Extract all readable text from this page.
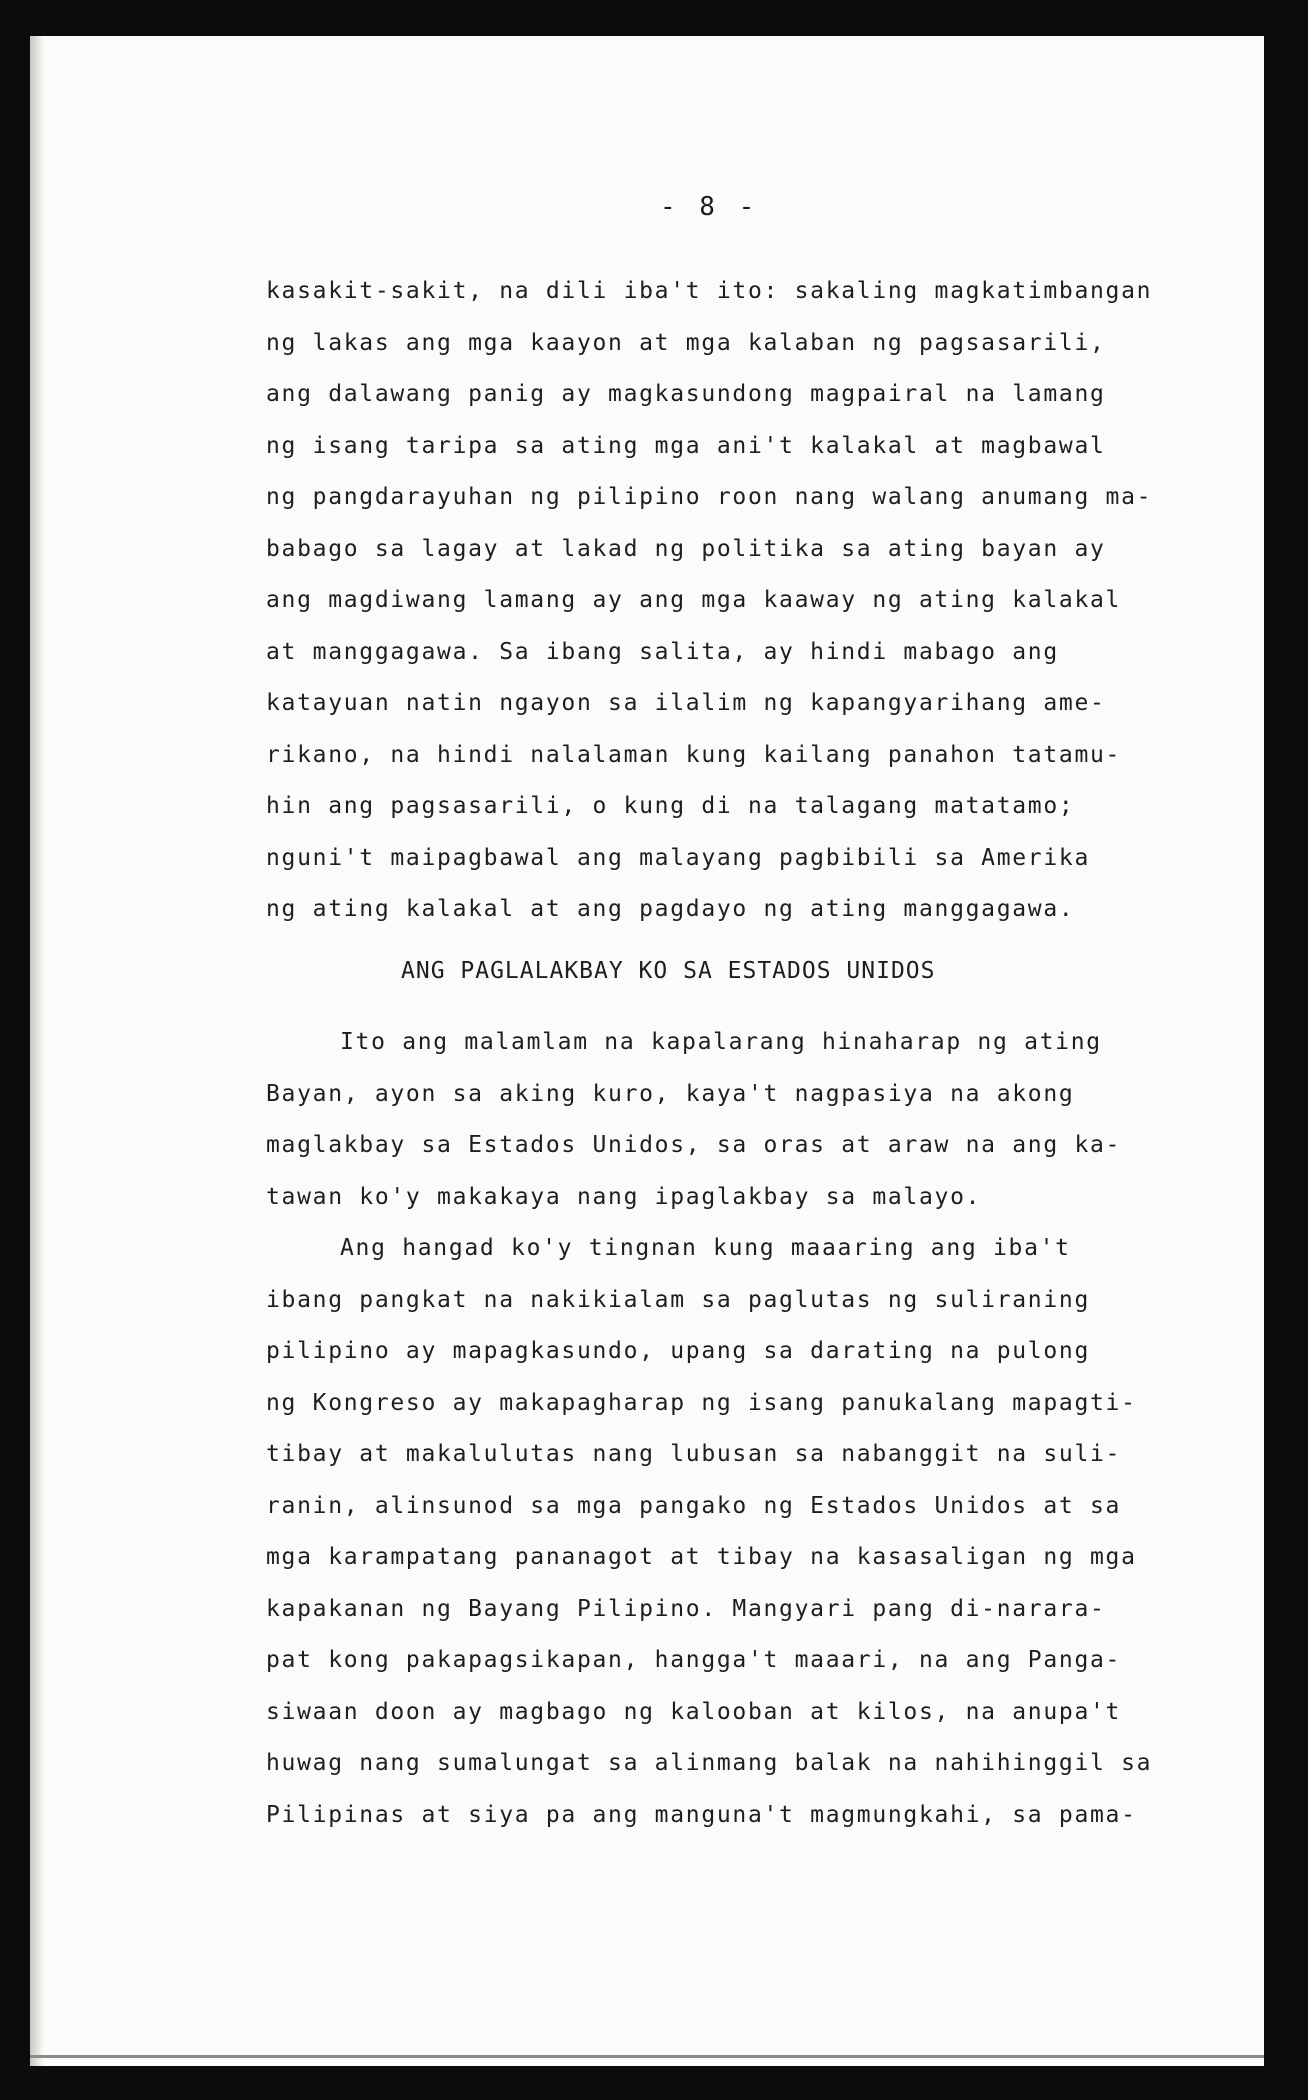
- 8 -
kasakit-sakit, na dili iba't ito: sakaling magkatimbangan
ng lakas ang mga kaayon at mga kalaban ng pagsasarili,
ang dalawang panig ay magkasundong magpairal na lamang
ng isang taripa sa ating mga ani't kalakal at magbawal
ng pangdarayuhan ng pilipino roon nang walang anumang ma-
babago sa lagay at lakad ng politika sa ating bayan ay
ang magdiwang lamang ay ang mga kaaway ng ating kalakal
at manggagawa. Sa ibang salita, ay hindi mabago ang
katayuan natin ngayon sa ilalim ng kapangyarihang ame-
rikano, na hindi nalalaman kung kailang panahon tatamu-
hin ang pagsasarili, o kung di na talagang matatamo;
nguni't maipagbawal ang malayang pagbibili sa Amerika
ng ating kalakal at ang pagdayo ng ating manggagawa.
ANG PAGLALAKBAY KO SA ESTADOS UNIDOS
Ito ang malamlam na kapalarang hinaharap ng ating
Bayan, ayon sa aking kuro, kaya't nagpasiya na akong
maglakbay sa Estados Unidos, sa oras at araw na ang ka-
tawan ko'y makakaya nang ipaglakbay sa malayo.
Ang hangad ko'y tingnan kung maaaring ang iba't
ibang pangkat na nakikialam sa paglutas ng suliraning
pilipino ay mapagkasundo, upang sa darating na pulong
ng Kongreso ay makapagharap ng isang panukalang mapagti-
tibay at makalulutas nang lubusan sa nabanggit na suli-
ranin, alinsunod sa mga pangako ng Estados Unidos at sa
mga karampatang pananagot at tibay na kasasaligan ng mga
kapakanan ng Bayang Pilipino. Mangyari pang di-narara-
pat kong pakapagsikapan, hangga't maaari, na ang Panga-
siwaan doon ay magbago ng kalooban at kilos, na anupa't
huwag nang sumalungat sa alinmang balak na nahihinggil sa
Pilipinas at siya pa ang manguna't magmungkahi, sa pama-
